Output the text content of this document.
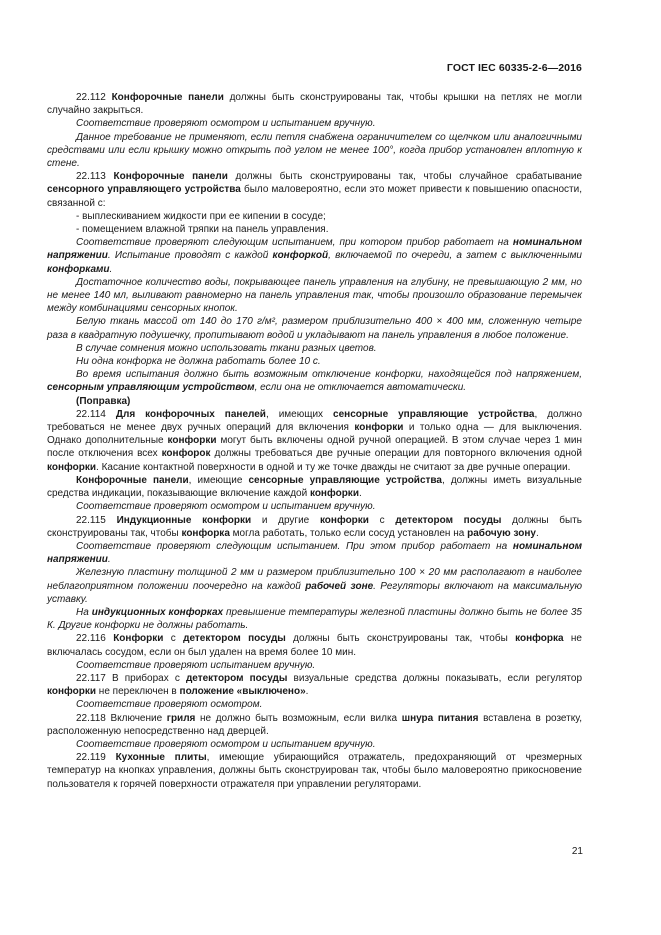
ГОСТ IEC 60335-2-6—2016

22.112 Конфорочные панели должны быть сконструированы так, чтобы крышки на петлях не могли случайно закрыться.

Соответствие проверяют осмотром и испытанием вручную.

Данное требование не применяют, если петля снабжена ограничителем со щелчком или аналогичными средствами или если крышку можно открыть под углом не менее 100°, когда прибор установлен вплотную к стене.

22.113 Конфорочные панели должны быть сконструированы так, чтобы случайное срабатывание сенсорного управляющего устройства было маловероятно, если это может привести к повышению опасности, связанной с:

- выплескиванием жидкости при ее кипении в сосуде;

- помещением влажной тряпки на панель управления.

Соответствие проверяют следующим испытанием, при котором прибор работает на номинальном напряжении. Испытание проводят с каждой конфоркой, включаемой по очереди, а затем с выключенными конфорками.

Достаточное количество воды, покрывающее панель управления на глубину, не превышающую 2 мм, но не менее 140 мл, выливают равномерно на панель управления так, чтобы произошло образование перемычек между комбинациями сенсорных кнопок.

Белую ткань массой от 140 до 170 г/м², размером приблизительно 400 × 400 мм, сложенную четыре раза в квадратную подушечку, пропитывают водой и укладывают на панель управления в любое положение.

В случае сомнения можно использовать ткани разных цветов.

Ни одна конфорка не должна работать более 10 с.

Во время испытания должно быть возможным отключение конфорки, находящейся под напряжением, сенсорным управляющим устройством, если она не отключается автоматически.

(Поправка)

22.114 Для конфорочных панелей, имеющих сенсорные управляющие устройства, должно требоваться не менее двух ручных операций для включения конфорки и только одна — для выключения. Однако дополнительные конфорки могут быть включены одной ручной операцией. В этом случае через 1 мин после отключения всех конфорок должны требоваться две ручные операции для повторного включения одной конфорки. Касание контактной поверхности в одной и ту же точке дважды не считают за две ручные операции.

Конфорочные панели, имеющие сенсорные управляющие устройства, должны иметь визуальные средства индикации, показывающие включение каждой конфорки.

Соответствие проверяют осмотром и испытанием вручную.

22.115 Индукционные конфорки и другие конфорки с детектором посуды должны быть сконструированы так, чтобы конфорка могла работать, только если сосуд установлен на рабочую зону.

Соответствие проверяют следующим испытанием. При этом прибор работает на номинальном напряжении.

Железную пластину толщиной 2 мм и размером приблизительно 100 × 20 мм располагают в наиболее неблагоприятном положении поочередно на каждой рабочей зоне. Регуляторы включают на максимальную уставку.

На индукционных конфорках превышение температуры железной пластины должно быть не более 35 К. Другие конфорки не должны работать.

22.116 Конфорки с детектором посуды должны быть сконструированы так, чтобы конфорка не включалась сосудом, если он был удален на время более 10 мин.

Соответствие проверяют испытанием вручную.

22.117 В приборах с детектором посуды визуальные средства должны показывать, если регулятор конфорки не переключен в положение «выключено».

Соответствие проверяют осмотром.

22.118 Включение гриля не должно быть возможным, если вилка шнура питания вставлена в розетку, расположенную непосредственно над дверцей.

Соответствие проверяют осмотром и испытанием вручную.

22.119 Кухонные плиты, имеющие убирающийся отражатель, предохраняющий от чрезмерных температур на кнопках управления, должны быть сконструирован так, чтобы было маловероятно прикосновение пользователя к горячей поверхности отражателя при управлении регуляторами.

21
